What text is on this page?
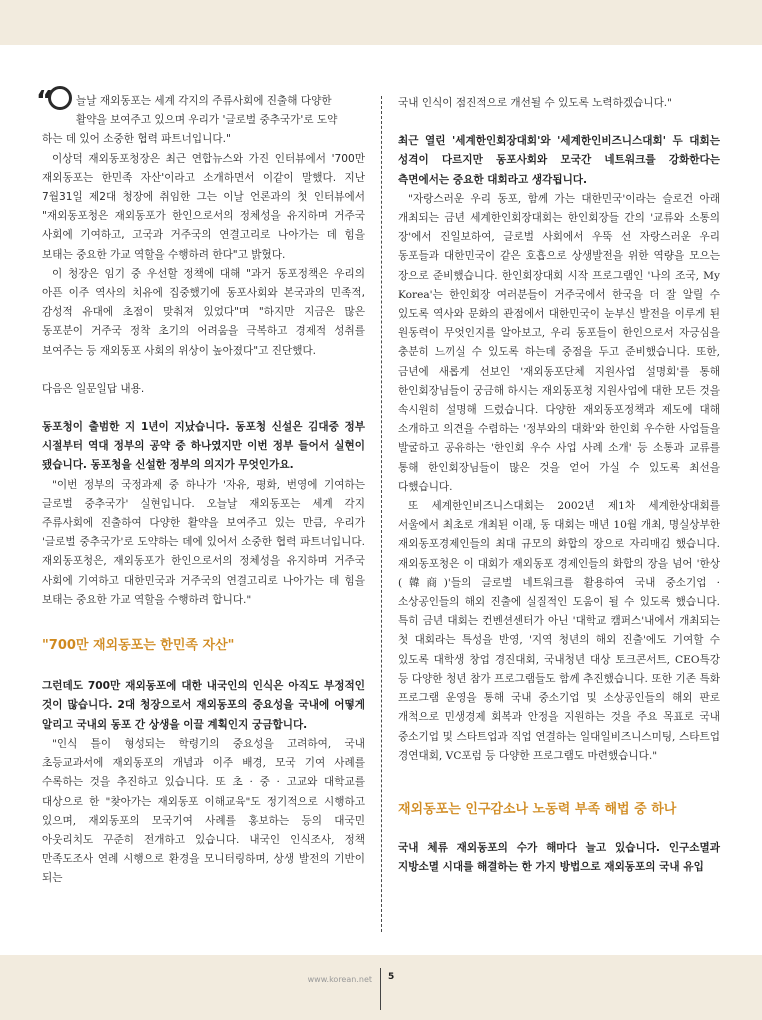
“	늘날 재외동포는 세계 각지의 주류사회에 진출해 다양한

활약을 보여주고 있으며 우리가 '글로벌 중추국가'로 도약

하는 데 있어 소중한 협력 파트너입니다."

이상덕 재외동포청장은 최근 연합뉴스와 가진 인터뷰에서 '700만 재외동포는 한민족 자산'이라고 소개하면서 이같이 말했다. 지난 7월31일 제2대 청장에 취임한 그는 이날 언론과의 첫 인터뷰에서 "재외동포청은 재외동포가 한인으로서의 정체성을 유지하며 거주국 사회에 기여하고, 고국과 거주국의 연결고리로 나아가는 데 힘을 보태는 중요한 가교 역할을 수행하려 한다"고 밝혔다.

이 청장은 임기 중 우선할 정책에 대해 "과거 동포정책은 우리의 아픈 이주 역사의 치유에 집중했기에 동포사회와 본국과의 민족적, 감성적 유대에 초점이 맞춰져 있었다"며 "하지만 지금은 많은 동포분이 거주국 정착 초기의 어려움을 극복하고 경제적 성취를 보여주는 등 재외동포 사회의 위상이 높아졌다"고 진단했다.

다음은 일문일답 내용.

동포청이 출범한 지 1년이 지났습니다. 동포청 신설은 김대중 정부 시절부터 역대 정부의 공약 중 하나였지만 이번 정부 들어서 실현이 됐습니다. 동포청을 신설한 정부의 의지가 무엇인가요.

"이번 정부의 국정과제 중 하나가 '자유, 평화, 번영에 기여하는 글로벌 중추국가' 실현입니다. 오늘날 재외동포는 세계 각지 주류사회에 진출하여 다양한 활약을 보여주고 있는 만큼, 우리가 '글로벌 중추국가'로 도약하는 데에 있어서 소중한 협력 파트너입니다. 재외동포청은, 재외동포가 한인으로서의 정체성을 유지하며 거주국 사회에 기여하고 대한민국과 거주국의 연결고리로 나아가는 데 힘을 보태는 중요한 가교 역할을 수행하려 합니다."

"700만 재외동포는 한민족 자산"

그런데도 700만 재외동포에 대한 내국인의 인식은 아직도 부정적인 것이 많습니다. 2대 청장으로서 재외동포의 중요성을 국내에 어떻게 알리고 국내외 동포 간 상생을 이끌 계획인지 궁금합니다.

"인식 틀이 형성되는 학령기의 중요성을 고려하여, 국내 초등교과서에 재외동포의 개념과 이주 배경, 모국 기여 사례를 수록하는 것을 추진하고 있습니다. 또 초 · 중 · 고교와 대학교를 대상으로 한 "찾아가는 재외동포 이해교육"도 정기적으로 시행하고 있으며, 재외동포의 모국기여 사례를 홍보하는 등의 대국민 아웃리치도 꾸준히 전개하고 있습니다. 내국인 인식조사, 정책 만족도조사 연례 시행으로 환경을 모니터링하며, 상생 발전의 기반이 되는

국내 인식이 점진적으로 개선될 수 있도록 노력하겠습니다."

최근 열린 '세계한인회장대회'와 '세계한인비즈니스대회' 두 대회는 성격이 다르지만 동포사회와 모국간 네트워크를 강화한다는 측면에서는 중요한 대회라고 생각됩니다.

"자랑스러운 우리 동포, 함께 가는 대한민국'이라는 슬로건 아래 개최되는 금년 세계한인회장대회는 한인회장들 간의 '교류와 소통의 장'에서 진일보하여, 글로벌 사회에서 우뚝 선 자랑스러운 우리 동포들과 대한민국이 같은 호흡으로 상생발전을 위한 역량을 모으는 장으로 준비했습니다. 한인회장대회 시작 프로그램인 '나의 조국, My Korea'는 한인회장 여러분들이 거주국에서 한국을 더 잘 알릴 수 있도록 역사와 문화의 관점에서 대한민국이 눈부신 발전을 이루게 된 원동력이 무엇인지를 알아보고, 우리 동포들이 한인으로서 자긍심을 충분히 느끼실 수 있도록 하는데 중점을 두고 준비했습니다. 또한, 금년에 새롭게 선보인 '재외동포단체 지원사업 설명회'를 통해 한인회장님들이 궁금해 하시는 재외동포청 지원사업에 대한 모든 것을 속시원히 설명해 드렸습니다. 다양한 재외동포정책과 제도에 대해 소개하고 의견을 수렴하는 '정부와의 대화'와 한인회 우수한 사업들을 발굴하고 공유하는 '한인회 우수 사업 사례 소개' 등 소통과 교류를 통해 한인회장님들이 많은 것을 얻어 가실 수 있도록 최선을 다했습니다.

또 세계한인비즈니스대회는 2002년 제1차 세계한상대회를 서울에서 최초로 개최된 이래, 동 대회는 매년 10월 개최, 명실상부한 재외동포경제인들의 최대 규모의 화합의 장으로 자리매김 했습니다. 재외동포청은 이 대회가 재외동포 경제인들의 화합의 장을 넘어 '한상(韓商)'들의 글로벌 네트워크를 활용하여 국내 중소기업 · 소상공인들의 해외 진출에 실질적인 도움이 될 수 있도록 했습니다. 특히 금년 대회는 컨벤션센터가 아닌 '대학교 캠퍼스'내에서 개최되는 첫 대회라는 특성을 반영, '지역 청년의 해외 진출'에도 기여할 수 있도록 대학생 창업 경진대회, 국내청년 대상 토크콘서트, CEO특강 등 다양한 청년 참가 프로그램들도 함께 추진했습니다. 또한 기존 특화 프로그램 운영을 통해 국내 중소기업 및 소상공인들의 해외 판로 개척으로 민생경제 회복과 안정을 지원하는 것을 주요 목표로 국내 중소기업 및 스타트업과 직업 연결하는 일대일비즈니스미팅, 스타트업 경연대회, VC포럼 등 다양한 프로그램도 마련했습니다."

재외동포는 인구감소나 노동력 부족 해법 중 하나

국내 체류 재외동포의 수가 해마다 늘고 있습니다. 인구소멸과 지방소멸 시대를 해결하는 한 가지 방법으로 재외동포의 국내 유입

www.korean.net 5
